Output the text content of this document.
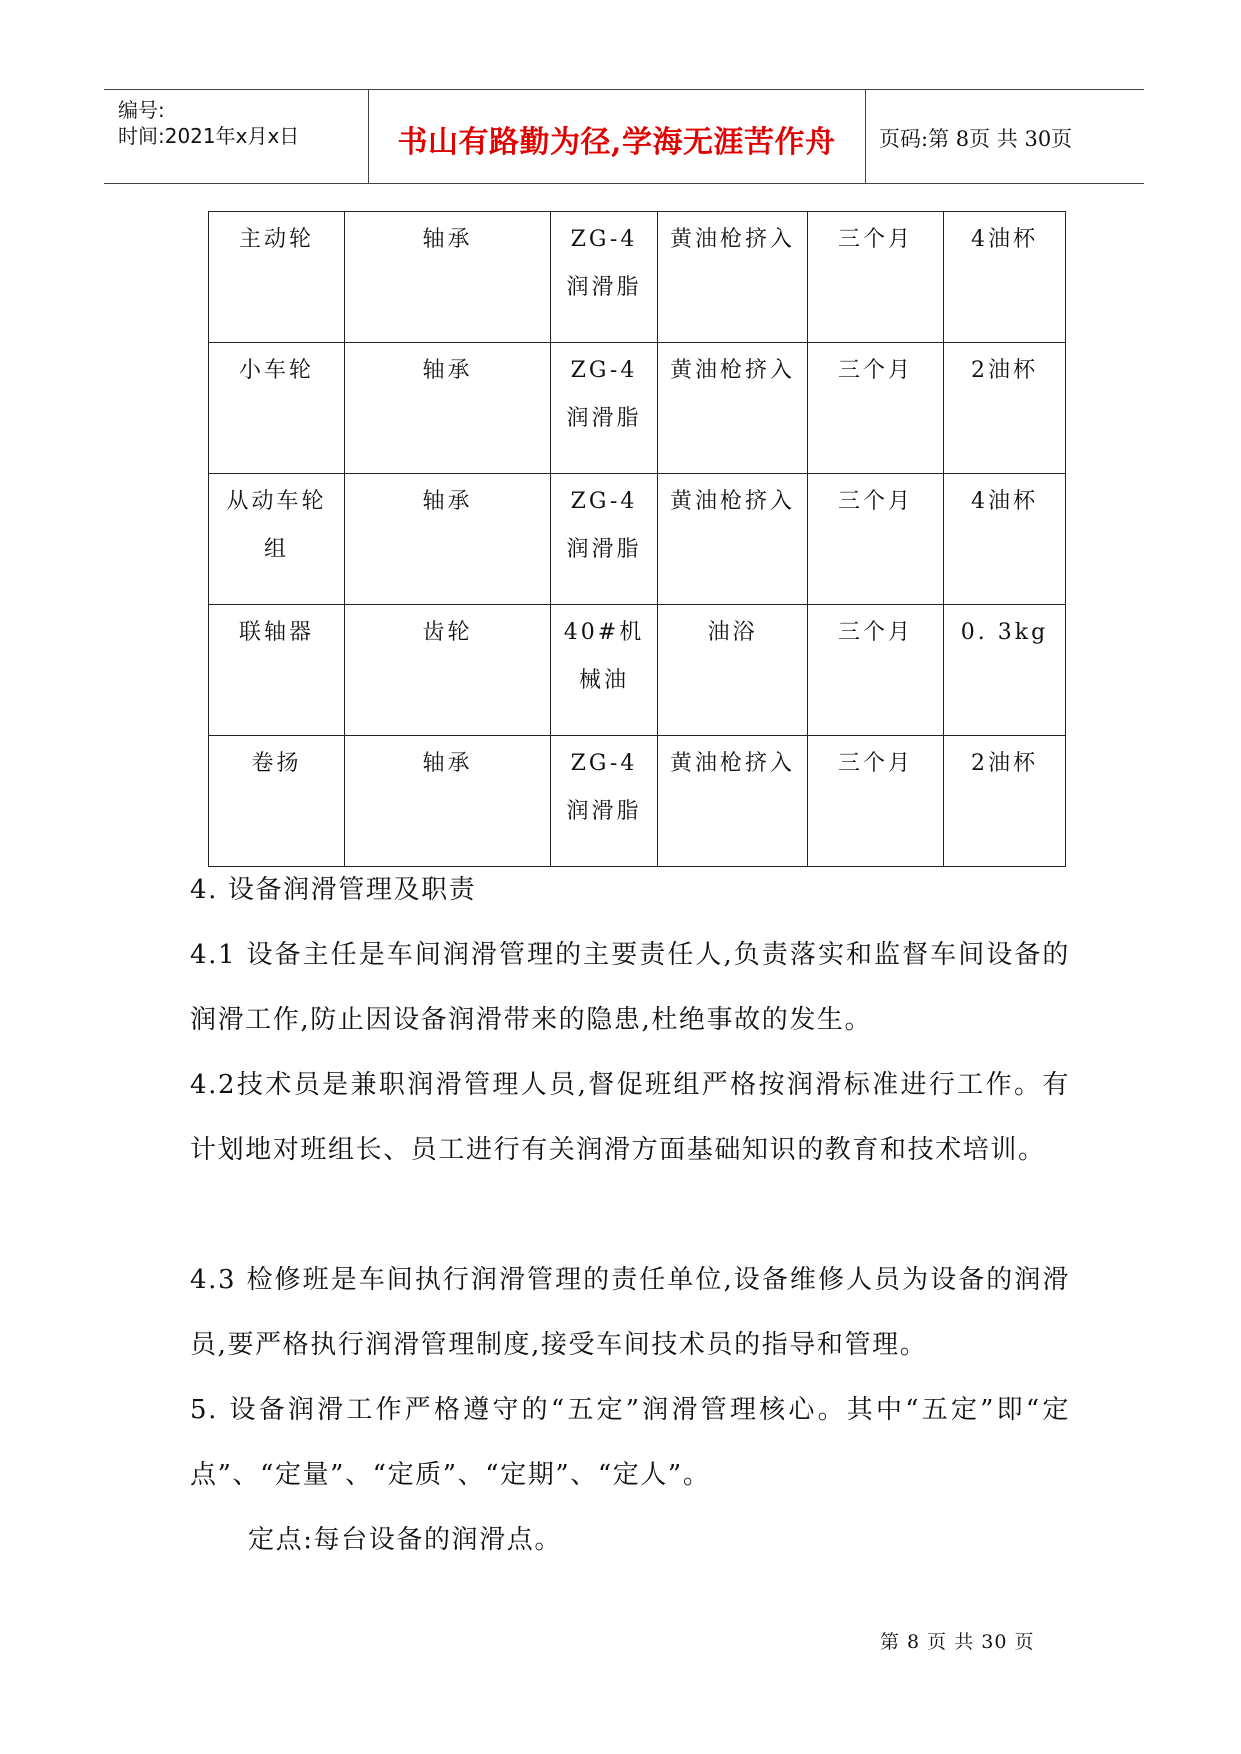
编号:
时间:2021年x月x日	书山有路勤为径,学海无涯苦作舟	页码:第 8页 共 30页
主动轮	轴承	ZG-4润滑脂	黄油枪挤入	三个月	4油杯
小车轮	轴承	ZG-4润滑脂	黄油枪挤入	三个月	2油杯
从动车轮组	轴承	ZG-4润滑脂	黄油枪挤入	三个月	4油杯
联轴器	齿轮	40#机械油	油浴	三个月	0. 3kg
卷扬	轴承	ZG-4润滑脂	黄油枪挤入	三个月	2油杯

4. 设备润滑管理及职责

4.1 设备主任是车间润滑管理的主要责任人,负责落实和监督车间设备的润滑工作,防止因设备润滑带来的隐患,杜绝事故的发生。

4.2技术员是兼职润滑管理人员,督促班组严格按润滑标准进行工作。有计划地对班组长、员工进行有关润滑方面基础知识的教育和技术培训。

4.3 检修班是车间执行润滑管理的责任单位,设备维修人员为设备的润滑员,要严格执行润滑管理制度,接受车间技术员的指导和管理。

5. 设备润滑工作严格遵守的“五定”润滑管理核心。其中“五定”即“定点”、“定量”、“定质”、“定期”、“定人”。

定点:每台设备的润滑点。

第 8 页 共 30 页
